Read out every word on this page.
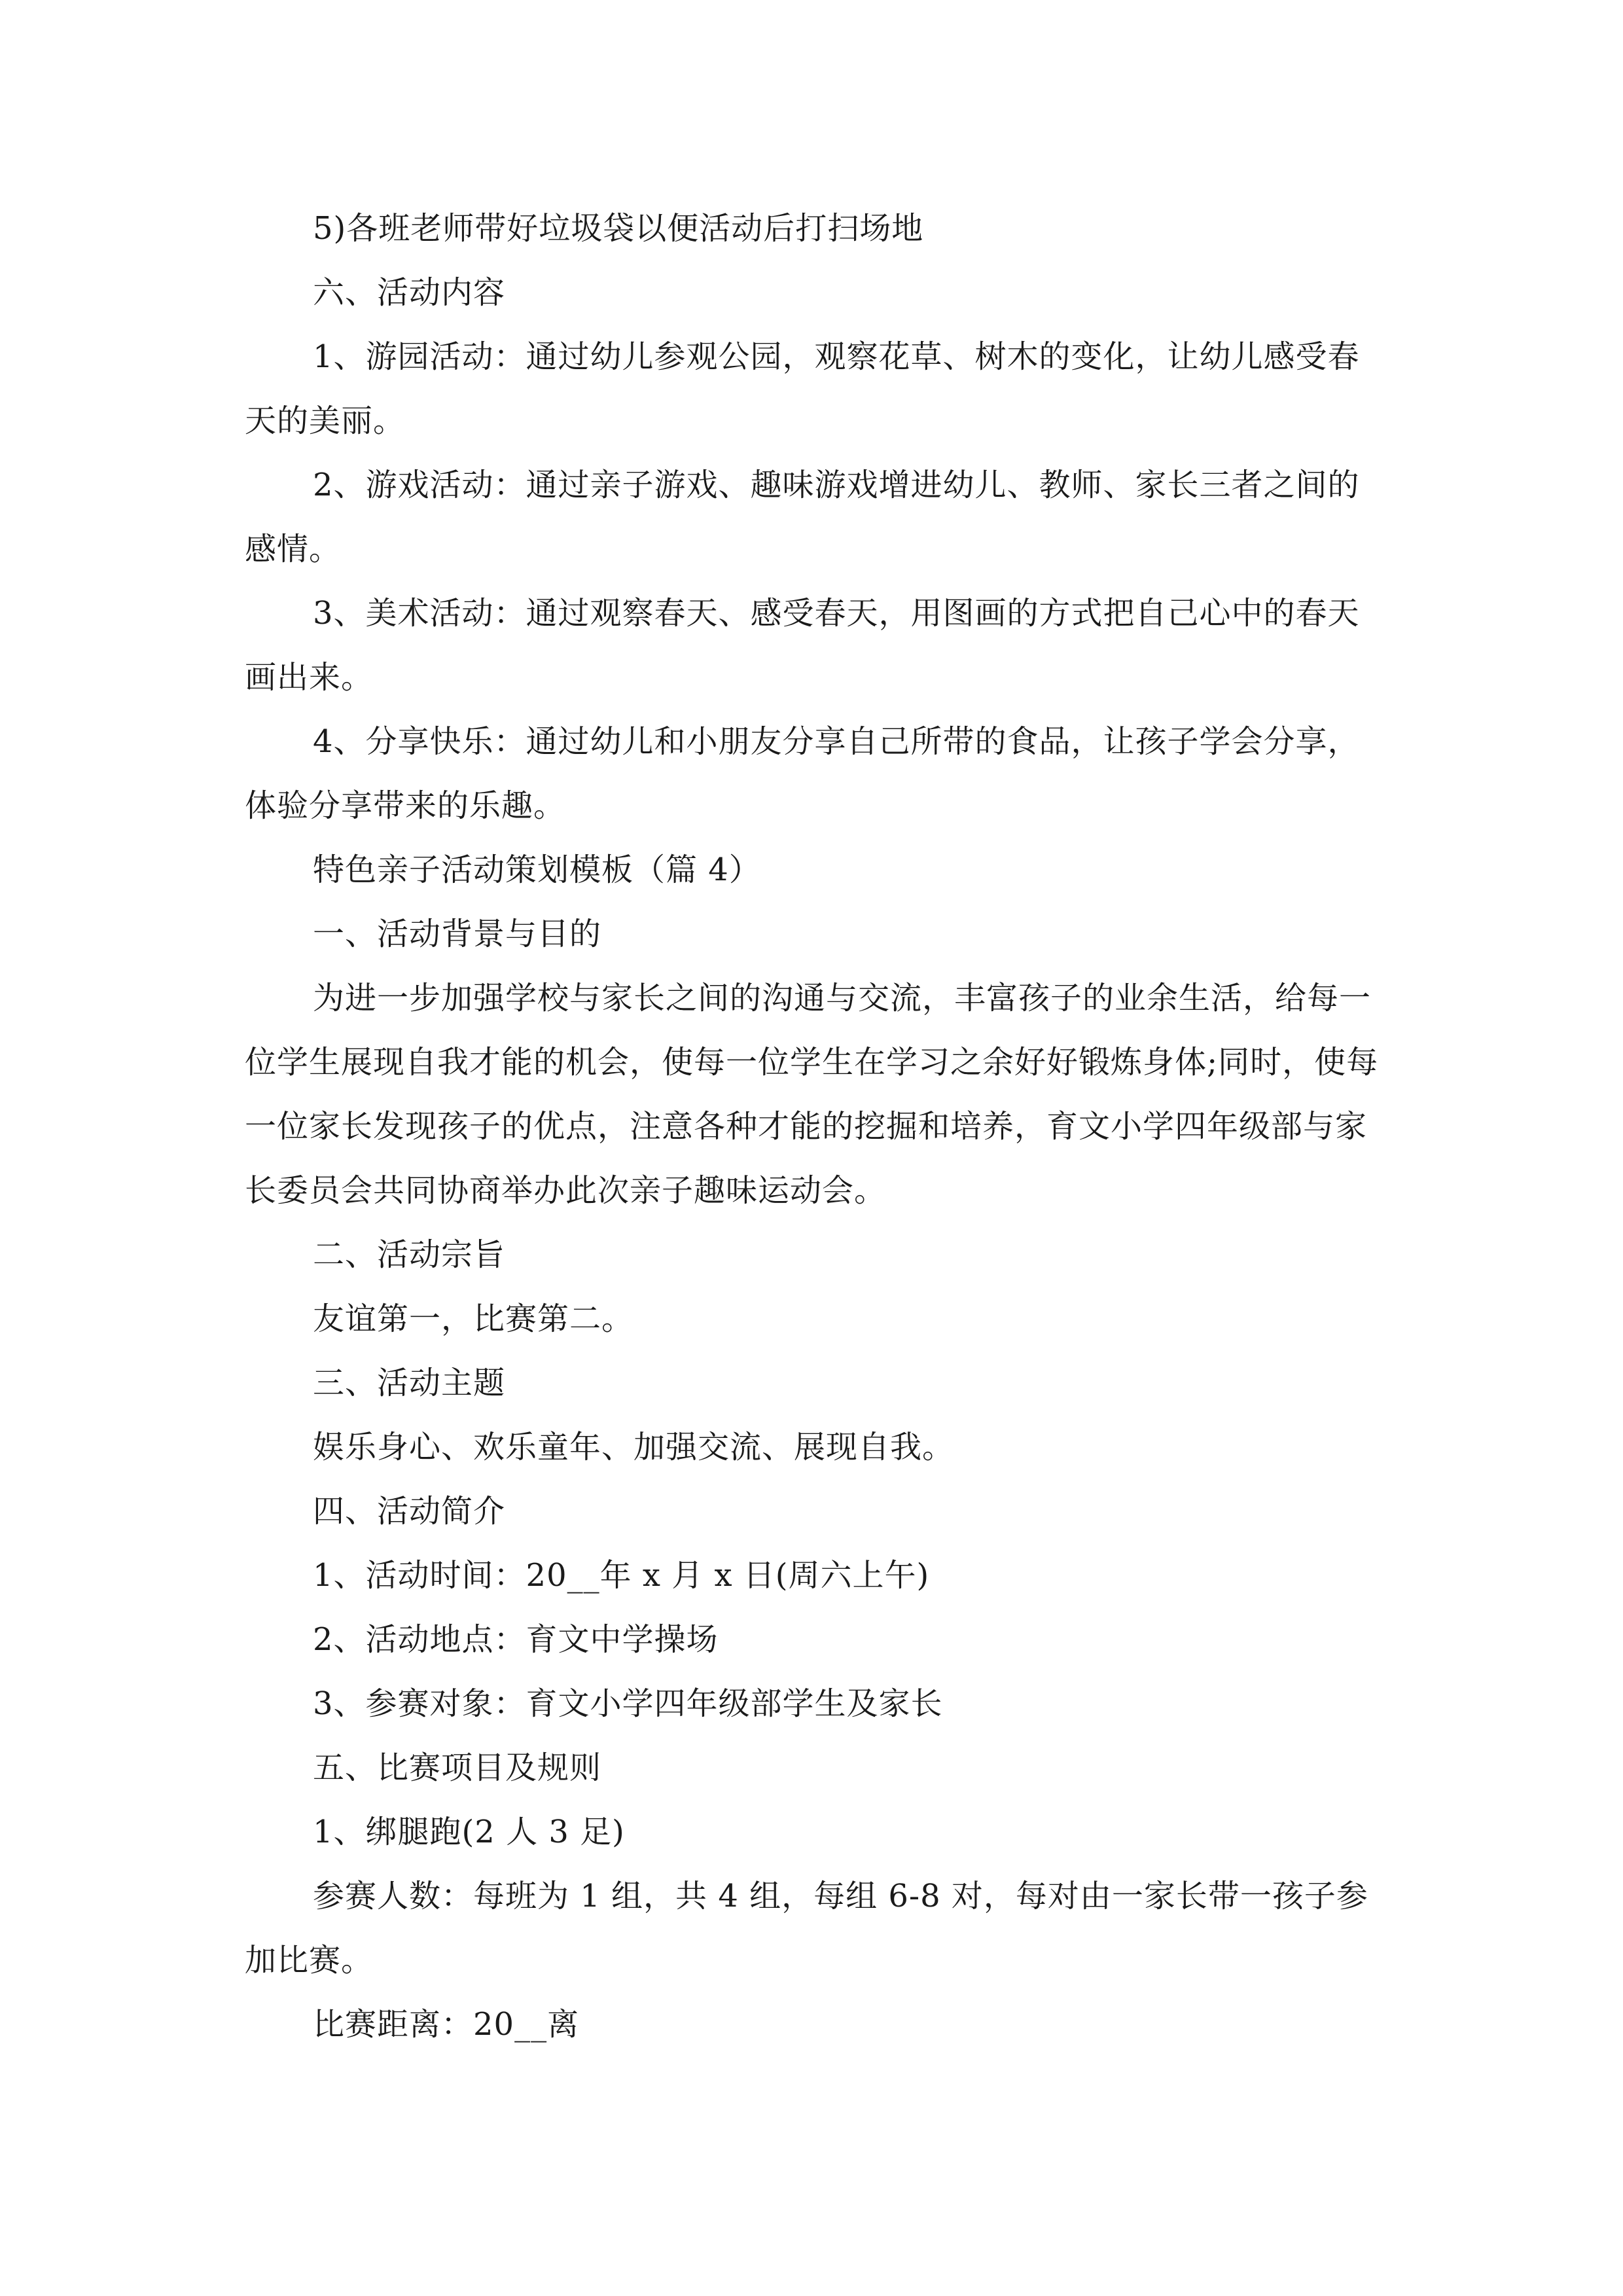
5)各班老师带好垃圾袋以便活动后打扫场地

六、活动内容

1、游园活动：通过幼儿参观公园，观察花草、树木的变化，让幼儿感受春天的美丽。

2、游戏活动：通过亲子游戏、趣味游戏增进幼儿、教师、家长三者之间的感情。

3、美术活动：通过观察春天、感受春天，用图画的方式把自己心中的春天画出来。

4、分享快乐：通过幼儿和小朋友分享自己所带的食品，让孩子学会分享，体验分享带来的乐趣。

特色亲子活动策划模板（篇 4）

一、活动背景与目的

为进一步加强学校与家长之间的沟通与交流，丰富孩子的业余生活，给每一位学生展现自我才能的机会，使每一位学生在学习之余好好锻炼身体;同时，使每一位家长发现孩子的优点，注意各种才能的挖掘和培养，育文小学四年级部与家长委员会共同协商举办此次亲子趣味运动会。

二、活动宗旨

友谊第一，比赛第二。

三、活动主题

娱乐身心、欢乐童年、加强交流、展现自我。

四、活动简介

1、活动时间：20__年 x 月 x 日(周六上午)

2、活动地点：育文中学操场

3、参赛对象：育文小学四年级部学生及家长

五、比赛项目及规则

1、绑腿跑(2 人 3 足)

参赛人数：每班为 1 组，共 4 组，每组 6-8 对，每对由一家长带一孩子参加比赛。

比赛距离：20__离
